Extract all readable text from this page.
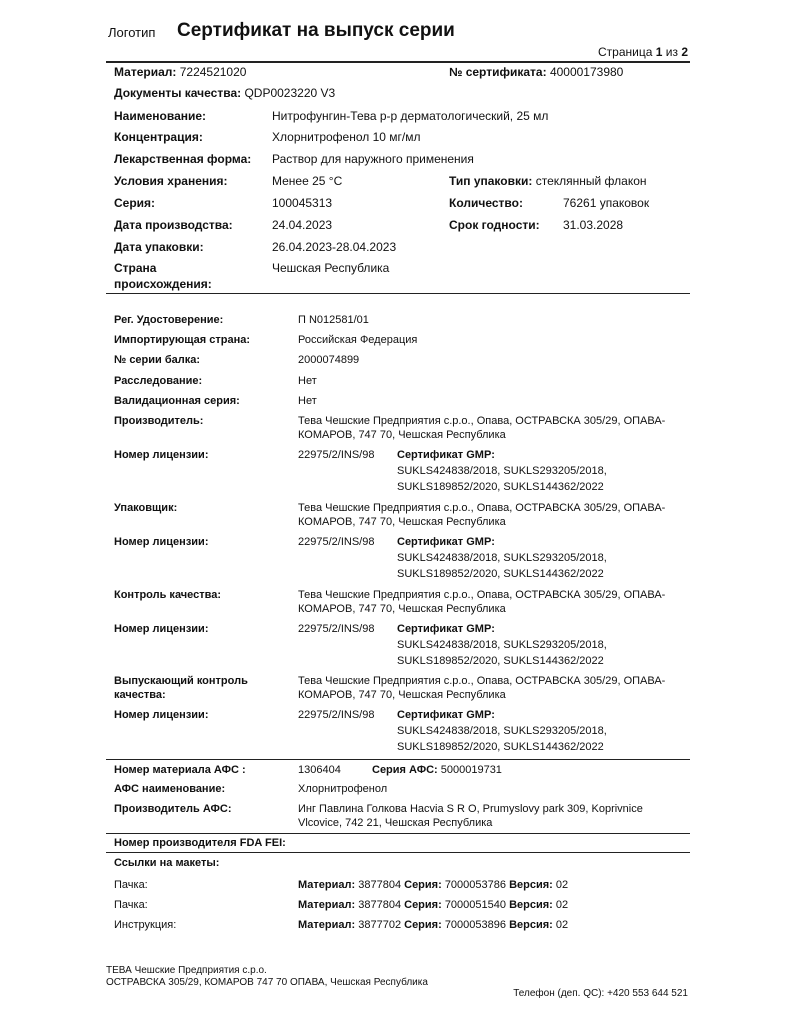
Логотип Сертификат на выпуск серии
Страница 1 из 2
Материал: 7224521020	№ сертификата: 40000173980
Документы качества: QDP0023220 V3
Наименование:	Нитрофунгин-Тева р-р дерматологический, 25 мл
Концентрация:	Хлорнитрофенол 10 мг/мл
Лекарственная форма: Раствор для наружного применения
Условия хранения:	Менее 25 °C	Тип упаковки: стеклянный флакон
Серия:	100045313	Количество:	76261 упаковок
Дата производства:	24.04.2023	Срок годности: 31.03.2028
Дата упаковки:	26.04.2023-28.04.2023
Страна
происхождения:
Чешская Республика
Рег. Удостоверение:	П N012581/01
Импортирующая страна:	Российская Федерация
№ серии балка:	2000074899
Расследование:	Нет
Валидационная серия:	Нет
Производитель:	Тева Чешские Предприятия с.р.о., Опава, ОСТРАВСКА 305/29, ОПАВА-
КОМАРОВ, 747 70, Чешская Республика
Номер лицензии:	22975/2/INS/98 Сертификат GMP:
SUKLS424838/2018, SUKLS293205/2018,
SUKLS189852/2020, SUKLS144362/2022
Упаковщик:	Тева Чешские Предприятия с.р.о., Опава, ОСТРАВСКА 305/29, ОПАВА-
КОМАРОВ, 747 70, Чешская Республика
Номер лицензии:	22975/2/INS/98 Сертификат GMP:
SUKLS424838/2018, SUKLS293205/2018,
SUKLS189852/2020, SUKLS144362/2022
Контроль качества:	Тева Чешские Предприятия с.р.о., Опава, ОСТРАВСКА 305/29, ОПАВА-
КОМАРОВ, 747 70, Чешская Республика
Номер лицензии:	22975/2/INS/98 Сертификат GMP:
SUKLS424838/2018, SUKLS293205/2018,
SUKLS189852/2020, SUKLS144362/2022
Выпускающий контроль
качества:
Тева Чешские Предприятия с.р.о., Опава, ОСТРАВСКА 305/29, ОПАВА-
КОМАРОВ, 747 70, Чешская Республика
Номер лицензии:	22975/2/INS/98 Сертификат GMP:
SUKLS424838/2018, SUKLS293205/2018,
SUKLS189852/2020, SUKLS144362/2022
Номер материала АФС :	1306404	Серия АФС: 5000019731
АФС наименование:	Хлорнитрофенол
Производитель АФС:	Инг Павлина Голкова Hacvia S R O, Prumyslovy park 309, Koprivnice
Vlcovice, 742 21, Чешская Республика
Номер производителя FDA FEI:
Ссылки на макеты:
Пачка:	Материал: 3877804 Серия: 7000053786 Версия: 02
Пачка:	Материал: 3877804 Серия: 7000051540 Версия: 02
Инструкция:	Материал: 3877702 Серия: 7000053896 Версия: 02
ТЕВА Чешские Предприятия с.р.о.
ОСТРАВСКА 305/29, КОМАРОВ 747 70 ОПАВА, Чешская Республика
Телефон (деп. QC): +420 553 644 521
